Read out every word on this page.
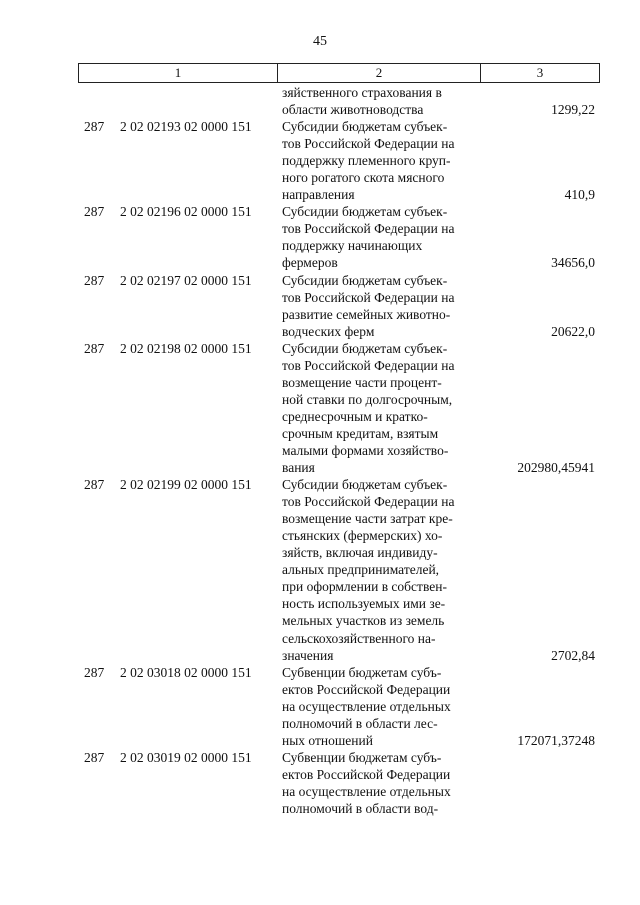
45
1	2	3
зяйственного страхования в
области животноводства	1299,22
287 2 02 02193 02 0000 151 Субсидии бюджетам субъек-
тов Российской Федерации на
поддержку племенного круп-
ного рогатого скота мясного
направления	410,9
287 2 02 02196 02 0000 151 Субсидии бюджетам субъек-
тов Российской Федерации на
поддержку начинающих
фермеров	34656,0
287 2 02 02197 02 0000 151 Субсидии бюджетам субъек-
тов Российской Федерации на
развитие семейных животно-
водческих ферм	20622,0
287 2 02 02198 02 0000 151 Субсидии бюджетам субъек-
тов Российской Федерации на
возмещение части процент-
ной ставки по долгосрочным,
среднесрочным и кратко-
срочным кредитам, взятым
малыми формами хозяйство-
вания	202980,45941
287 2 02 02199 02 0000 151 Субсидии бюджетам субъек-
тов Российской Федерации на
возмещение части затрат кре-
стьянских (фермерских) хо-
зяйств, включая индивиду-
альных предпринимателей,
при оформлении в собствен-
ность используемых ими зе-
мельных участков из земель
сельскохозяйственного на-
значения	2702,84
287 2 02 03018 02 0000 151 Субвенции бюджетам субъ-
ектов Российской Федерации
на осуществление отдельных
полномочий в области лес-
ных отношений	172071,37248
287 2 02 03019 02 0000 151 Субвенции бюджетам субъ-
ектов Российской Федерации
на осуществление отдельных
полномочий в области вод-
